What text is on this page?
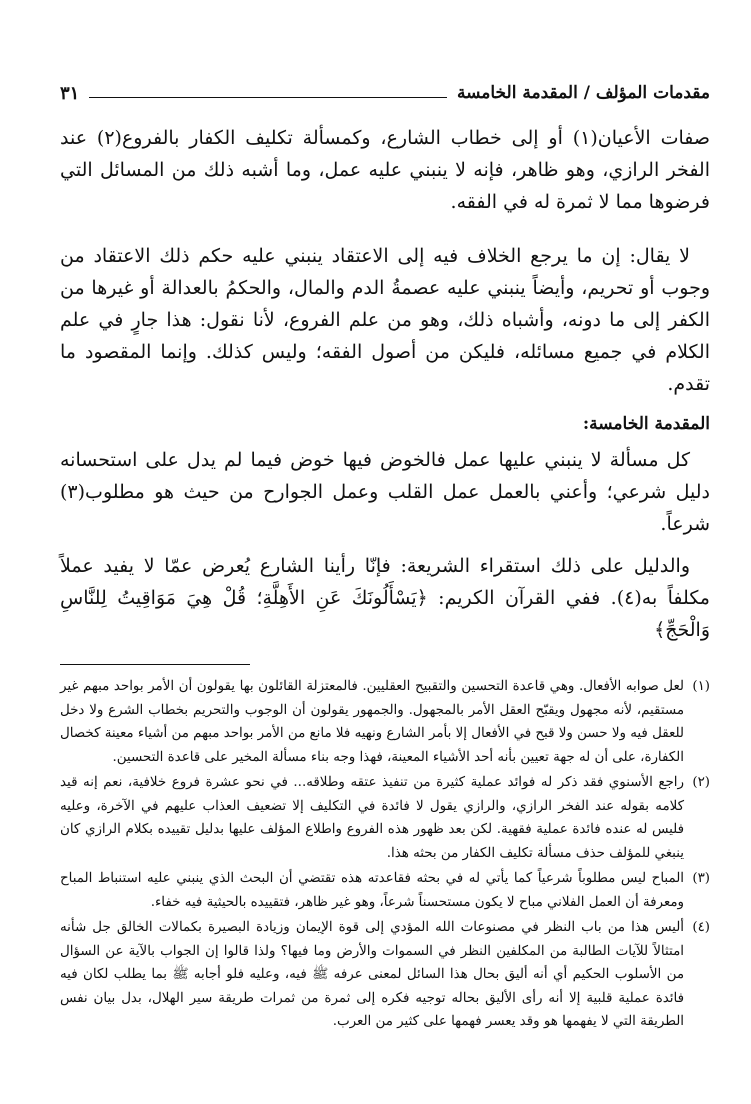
مقدمات المؤلف / المقدمة الخامسة
٣١

صفات الأعيان(١) أو إلى خطاب الشارع، وكمسألة تكليف الكفار بالفروع(٢) عند الفخر الرازي، وهو ظاهر، فإنه لا ينبني عليه عمل، وما أشبه ذلك من المسائل التي فرضوها مما لا ثمرة له في الفقه.

لا يقال: إن ما يرجع الخلاف فيه إلى الاعتقاد ينبني عليه حكم ذلك الاعتقاد من وجوب أو تحريم، وأيضاً ينبني عليه عصمةُ الدم والمال، والحكمُ بالعدالة أو غيرها من الكفر إلى ما دونه، وأشباه ذلك، وهو من علم الفروع، لأنا نقول: هذا جارٍ في علم الكلام في جميع مسائله، فليكن من أصول الفقه؛ وليس كذلك. وإنما المقصود ما تقدم.

المقدمة الخامسة:

كل مسألة لا ينبني عليها عمل فالخوض فيها خوض فيما لم يدل على استحسانه دليل شرعي؛ وأعني بالعمل عمل القلب وعمل الجوارح من حيث هو مطلوب(٣) شرعاً.

والدليل على ذلك استقراء الشريعة: فإنّا رأينا الشارع يُعرض عمّا لا يفيد عملاً مكلفاً به(٤). ففي القرآن الكريم: ﴿يَسْأَلُونَكَ عَنِ الأَهِلَّةِ؛ قُلْ هِيَ مَوَاقِيتُ لِلنَّاسِ وَالْحَجِّ﴾

(١)
لعل صوابه الأفعال. وهي قاعدة التحسين والتقبيح العقليين. فالمعتزلة القائلون بها يقولون أن الأمر بواحد مبهم غير مستقيم، لأنه مجهول ويقبّح العقل الأمر بالمجهول. والجمهور يقولون أن الوجوب والتحريم بخطاب الشرع ولا دخل للعقل فيه ولا حسن ولا قبح في الأفعال إلا بأمر الشارع ونهيه فلا مانع من الأمر بواحد مبهم من أشياء معينة كخصال الكفارة، على أن له جهة تعيين بأنه أحد الأشياء المعينة، فهذا وجه بناء مسألة المخير على قاعدة التحسين.
(٢)
راجع الأسنوي فقد ذكر له فوائد عملية كثيرة من تنفيذ عتقه وطلاقه... في نحو عشرة فروع خلافية، نعم إنه قيد كلامه بقوله عند الفخر الرازي، والرازي يقول لا فائدة في التكليف إلا تضعيف العذاب عليهم في الآخرة، وعليه فليس له عنده فائدة عملية فقهية. لكن بعد ظهور هذه الفروع واطلاع المؤلف عليها بدليل تقييده بكلام الرازي كان ينبغي للمؤلف حذف مسألة تكليف الكفار من بحثه هذا.
(٣)
المباح ليس مطلوباً شرعياً كما يأتي له في بحثه فقاعدته هذه تقتضي أن البحث الذي ينبني عليه استنباط المباح ومعرفة أن العمل الفلاني مباح لا يكون مستحسناً شرعاً، وهو غير ظاهر، فتقييده بالحيثية فيه خفاء.
(٤)
أليس هذا من باب النظر في مصنوعات الله المؤدي إلى قوة الإيمان وزيادة البصيرة بكمالات الخالق جل شأنه امتثالاً للآيات الطالبة من المكلفين النظر في السموات والأرض وما فيها؟ ولذا قالوا إن الجواب بالآية عن السؤال من الأسلوب الحكيم أي أنه أليق بحال هذا السائل لمعنى عرفه ﷺ فيه، وعليه فلو أجابه ﷺ بما يطلب لكان فيه فائدة عملية قلبية إلا أنه رأى الأليق بحاله توجيه فكره إلى ثمرة من ثمرات طريقة سير الهلال، بدل بيان نفس الطريقة التي لا يفهمها هو وقد يعسر فهمها على كثير من العرب.
